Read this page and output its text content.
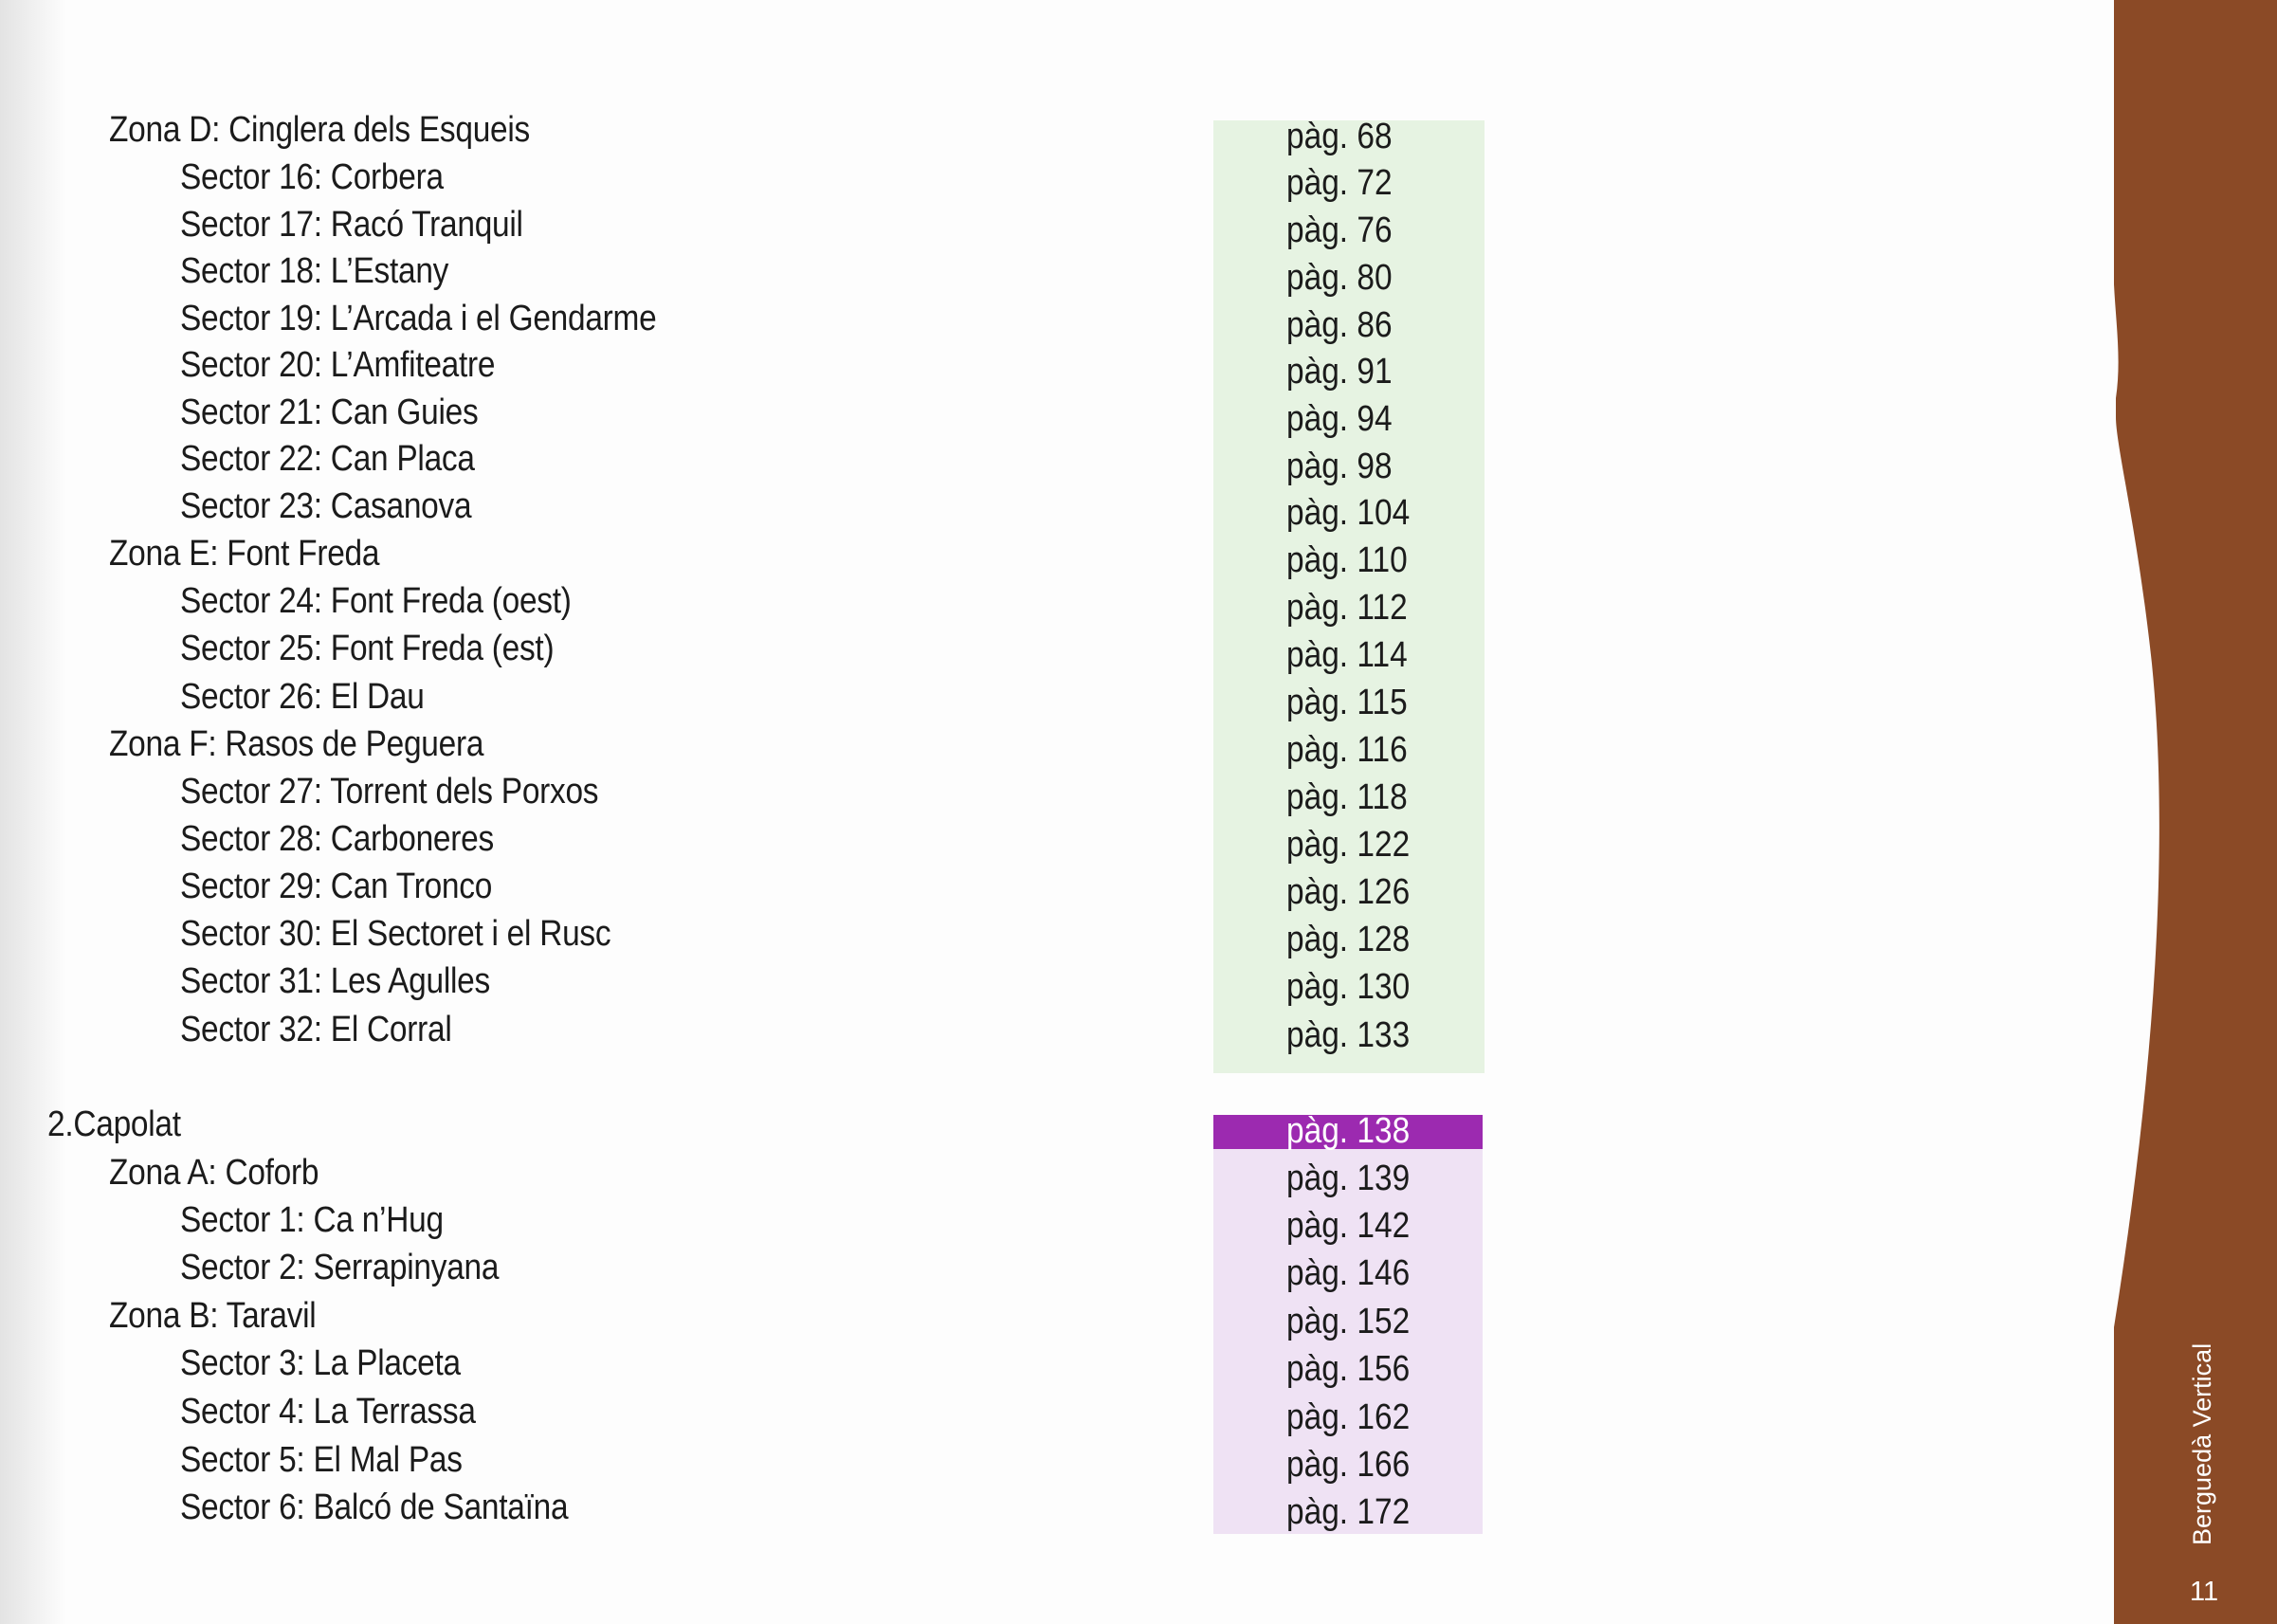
Zona D: Cinglera dels Esqueis
Sector 16: Corbera
Sector 17: Racó Tranquil
Sector 18: L’Estany
Sector 19: L’Arcada i el Gendarme
Sector 20: L’Amfiteatre
Sector 21: Can Guies
Sector 22: Can Placa
Sector 23: Casanova
Zona E: Font Freda
Sector 24: Font Freda (oest)
Sector 25: Font Freda (est)
Sector 26: El Dau
Zona F: Rasos de Peguera
Sector 27: Torrent dels Porxos
Sector 28: Carboneres
Sector 29: Can Tronco
Sector 30: El Sectoret i el Rusc
Sector 31: Les Agulles
Sector 32: El Corral
2.Capolat
Zona A: Coforb
Sector 1: Ca n’Hug
Sector 2: Serrapinyana
Zona B: Taravil
Sector 3: La Placeta
Sector 4: La Terrassa
Sector 5: El Mal Pas
Sector 6: Balcó de Santaïna
pàg. 68
pàg. 72
pàg. 76
pàg. 80
pàg. 86
pàg. 91
pàg. 94
pàg. 98
pàg. 104
pàg. 110
pàg. 112
pàg. 114
pàg. 115
pàg. 116
pàg. 118
pàg. 122
pàg. 126
pàg. 128
pàg. 130
pàg. 133
pàg. 138
pàg. 139
pàg. 142
pàg. 146
pàg. 152
pàg. 156
pàg. 162
pàg. 166
pàg. 172	Berguedà Vertical
11
